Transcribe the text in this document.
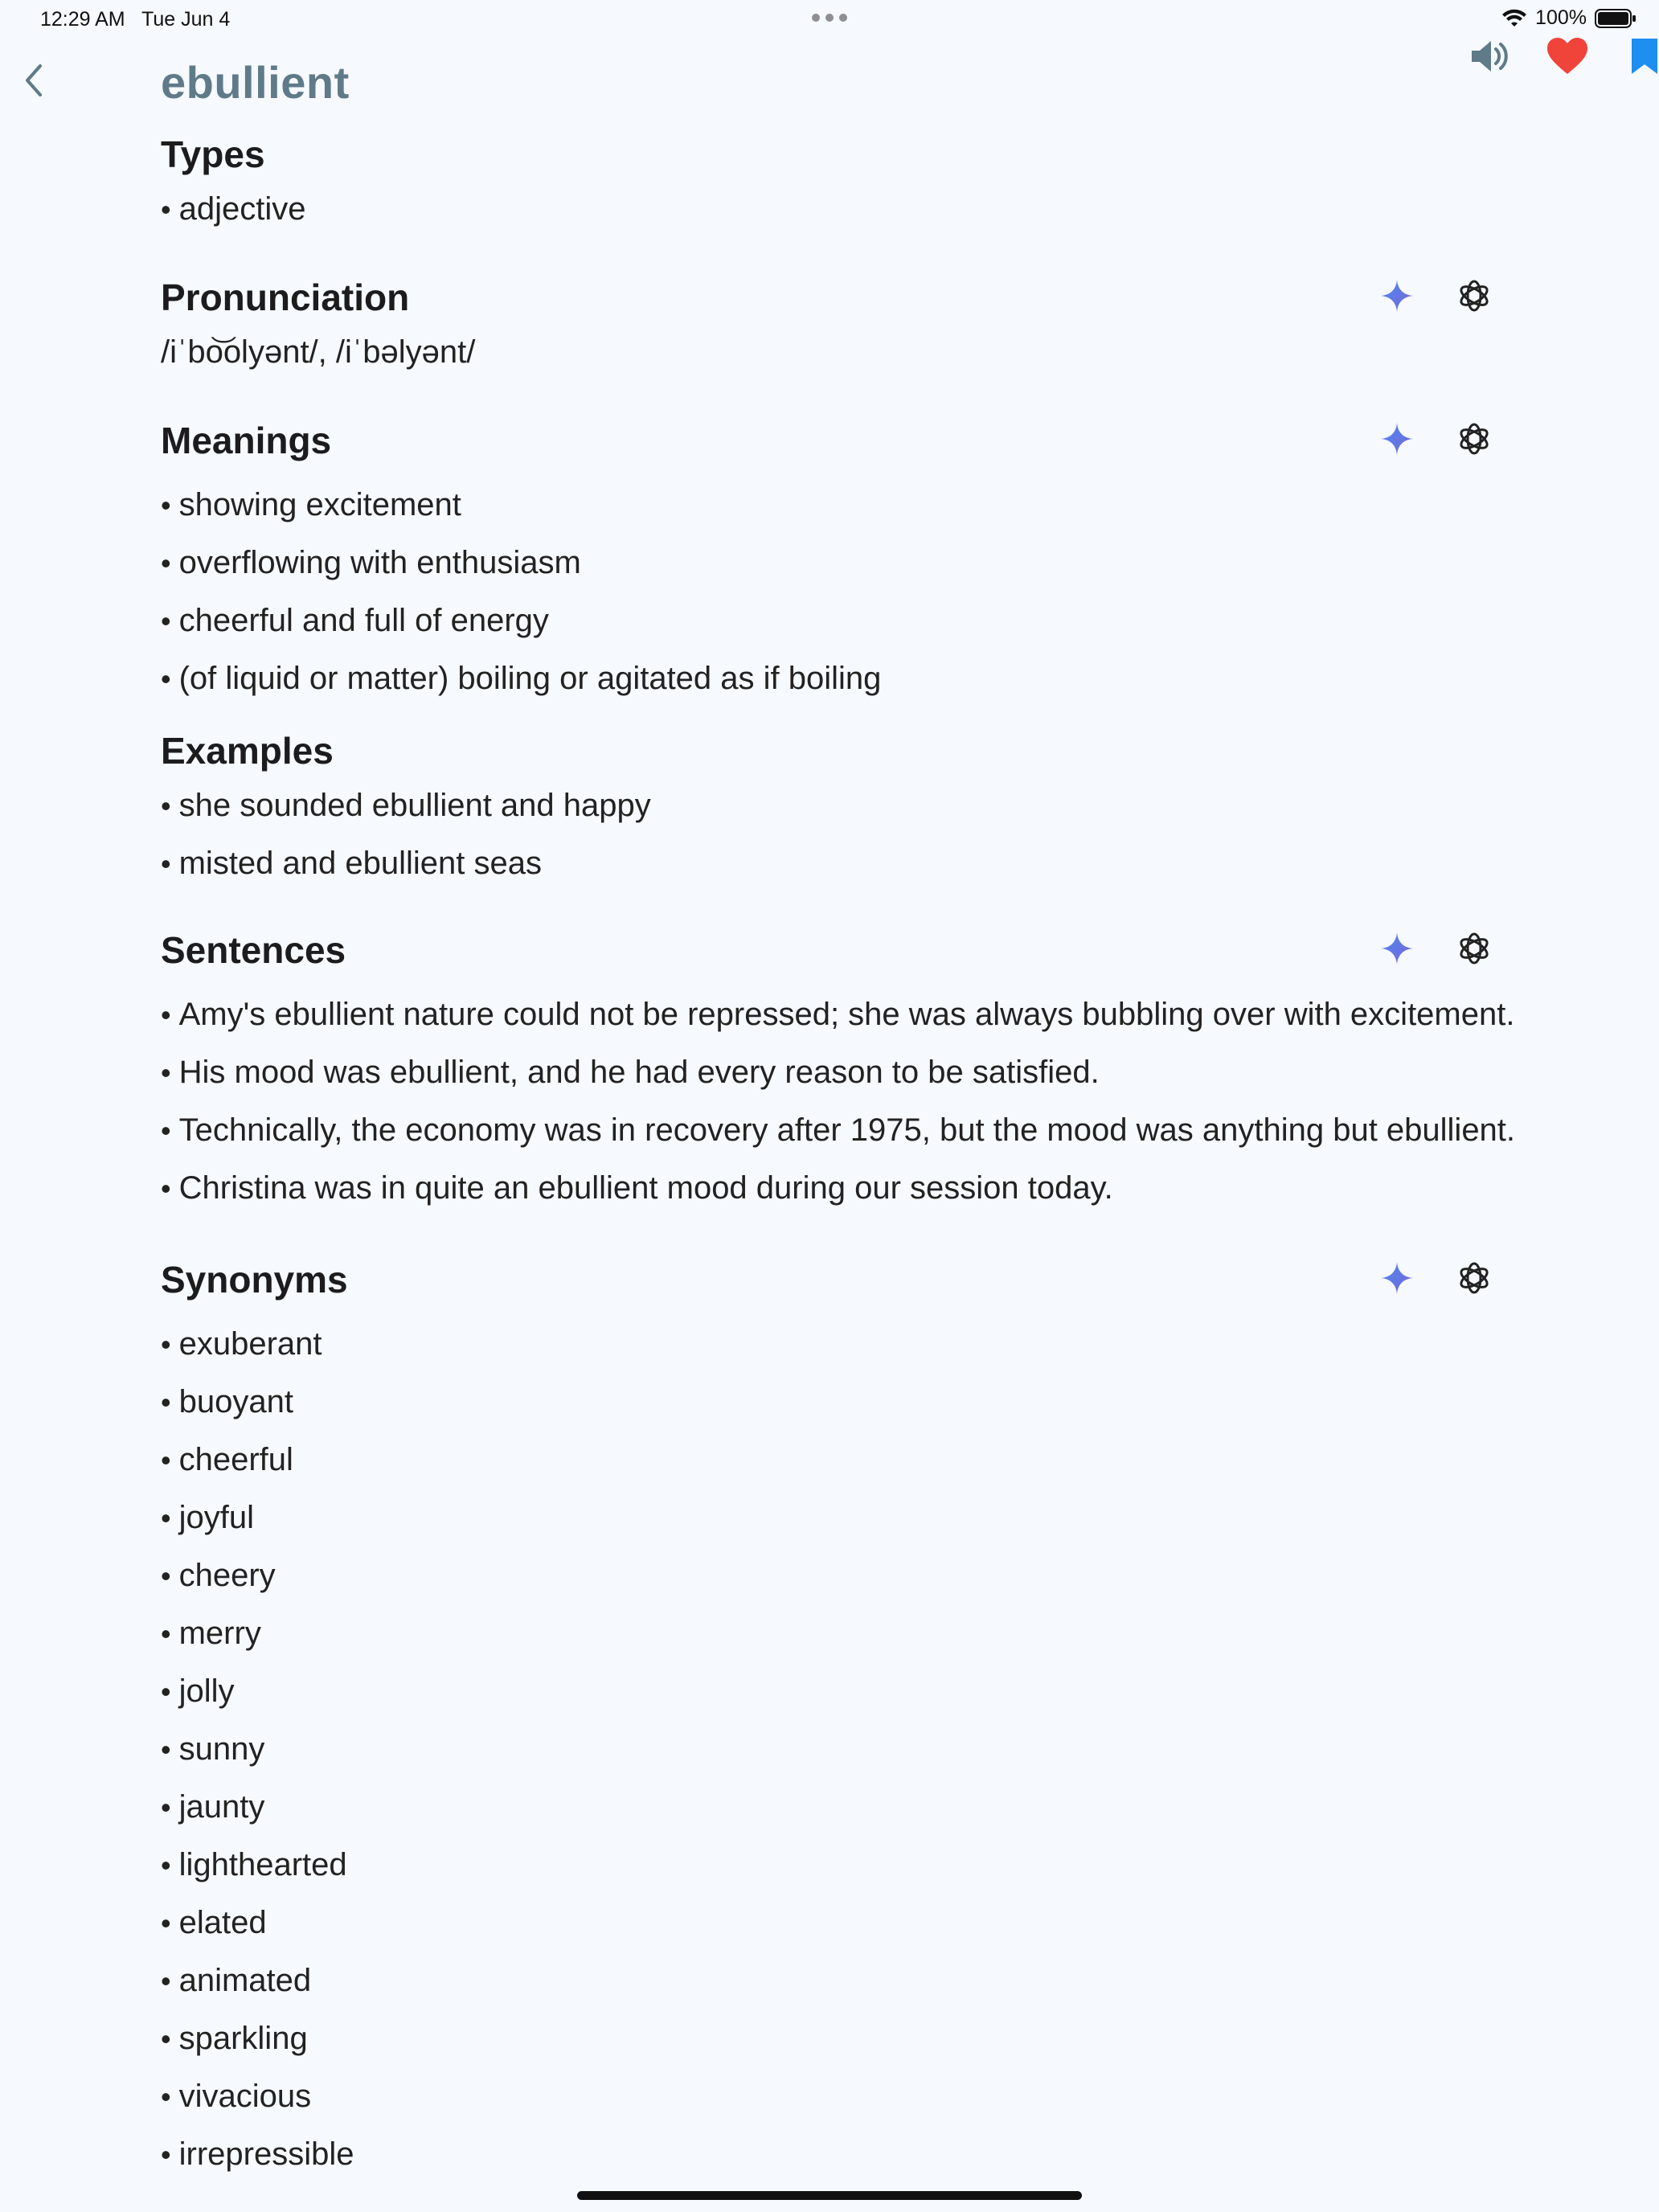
12:29 AM Tue Jun 4	100%
ebullient
Types
• adjective
Pronunciation
/iˈbo͝olyənt/, /iˈbəlyənt/
Meanings
• showing excitement
• overflowing with enthusiasm
• cheerful and full of energy
• (of liquid or matter) boiling or agitated as if boiling
Examples
• she sounded ebullient and happy
• misted and ebullient seas
Sentences
• Amy's ebullient nature could not be repressed; she was always bubbling over with excitement.
• His mood was ebullient, and he had every reason to be satisfied.
• Technically, the economy was in recovery after 1975, but the mood was anything but ebullient.
• Christina was in quite an ebullient mood during our session today.
Synonyms
• exuberant
• buoyant
• cheerful
• joyful
• cheery
• merry
• jolly
• sunny
• jaunty
• lighthearted
• elated
• animated
• sparkling
• vivacious
• irrepressible
